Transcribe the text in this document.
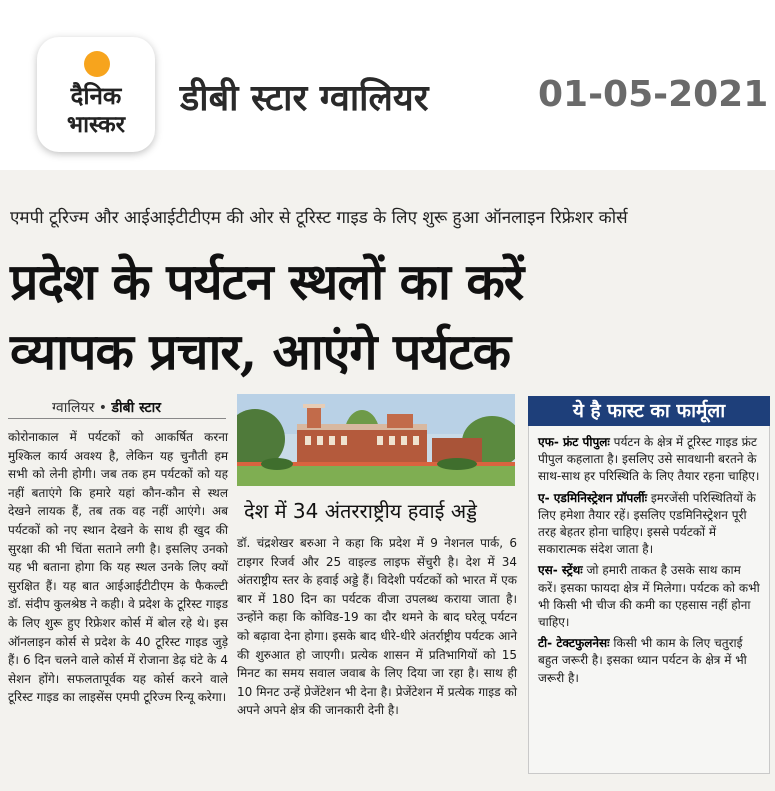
दैनिक
भास्कर
डीबी स्टार ग्वालियर	01-05-2021
एमपी टूरिज्म और आईआईटीटीएम की ओर से टूरिस्ट गाइड के लिए शुरू हुआ ऑनलाइन रिफ्रेशर कोर्स
प्रदेश के पर्यटन स्थलों का करें
व्यापक प्रचार, आएंगे पर्यटक
ग्वालियर • डीबी स्टार
कोरोनाकाल में पर्यटकों को आकर्षित करना मुश्किल कार्य अवश्य है, लेकिन यह चुनौती हम सभी को लेनी होगी। जब तक हम पर्यटकों को यह नहीं बताएंगे कि हमारे यहां कौन-कौन से स्थल देखने लायक हैं, तब तक वह नहीं आएंगे। अब पर्यटकों को नए स्थान देखने के साथ ही खुद की सुरक्षा की भी चिंता सताने लगी है। इसलिए उनको यह भी बताना होगा कि यह स्थल उनके लिए क्यों सुरक्षित हैं। यह बात आईआईटीटीएम के फैकल्टी डॉ. संदीप कुलश्रेष्ठ ने कही। वे प्रदेश के टूरिस्ट गाइड के लिए शुरू हुए रिफ्रेशर कोर्स में बोल रहे थे। इस ऑनलाइन कोर्स से प्रदेश के 40 टूरिस्ट गाइड जुड़े हैं। 6 दिन चलने वाले कोर्स में रोजाना डेढ़ घंटे के 4 सेशन होंगे। सफलतापूर्वक यह कोर्स करने वाले टूरिस्ट गाइड का लाइसेंस एमपी टूरिज्म रिन्यू करेगा।
देश में 34 अंतरराष्ट्रीय हवाई अड्डे
डॉ. चंद्रशेखर बरुआ ने कहा कि प्रदेश में 9 नेशनल पार्क, 6 टाइगर रिजर्व और 25 वाइल्ड लाइफ सेंचुरी है। देश में 34 अंतराष्ट्रीय स्तर के हवाई अड्डे हैं। विदेशी पर्यटकों को भारत में एक बार में 180 दिन का पर्यटक वीजा उपलब्ध कराया जाता है। उन्होंने कहा कि कोविड-19 का दौर थमने के बाद घरेलू पर्यटन को बढ़ावा देना होगा। इसके बाद धीरे-धीरे अंतर्राष्ट्रीय पर्यटक आने की शुरुआत हो जाएगी। प्रत्येक शासन में प्रतिभागियों को 15 मिनट का समय सवाल जवाब के लिए दिया जा रहा है। साथ ही 10 मिनट उन्हें प्रेजेंटेशन भी देना है। प्रेजेंटेशन में प्रत्येक गाइड को अपने अपने क्षेत्र की जानकारी देनी है।
ये है फास्ट का फार्मूला

एफ- फ्रंट पीपुलः पर्यटन के क्षेत्र में टूरिस्ट गाइड फ्रंट पीपुल कहलाता है। इसलिए उसे सावधानी बरतने के साथ-साथ हर परिस्थिति के लिए तैयार रहना चाहिए।

ए- एडमिनिस्ट्रेशन प्रॉपर्लीः इमरजेंसी परिस्थितियों के लिए हमेशा तैयार रहें। इसलिए एडमिनिस्ट्रेशन पूरी तरह बेहतर होना चाहिए। इससे पर्यटकों में सकारात्मक संदेश जाता है।

एस- स्ट्रेंथः जो हमारी ताकत है उसके साथ काम करें। इसका फायदा क्षेत्र में मिलेगा। पर्यटक को कभी भी किसी भी चीज की कमी का एहसास नहीं होना चाहिए।

टी- टेक्टफुलनेसः किसी भी काम के लिए चतुराई बहुत जरूरी है। इसका ध्यान पर्यटन के क्षेत्र में भी जरूरी है।
